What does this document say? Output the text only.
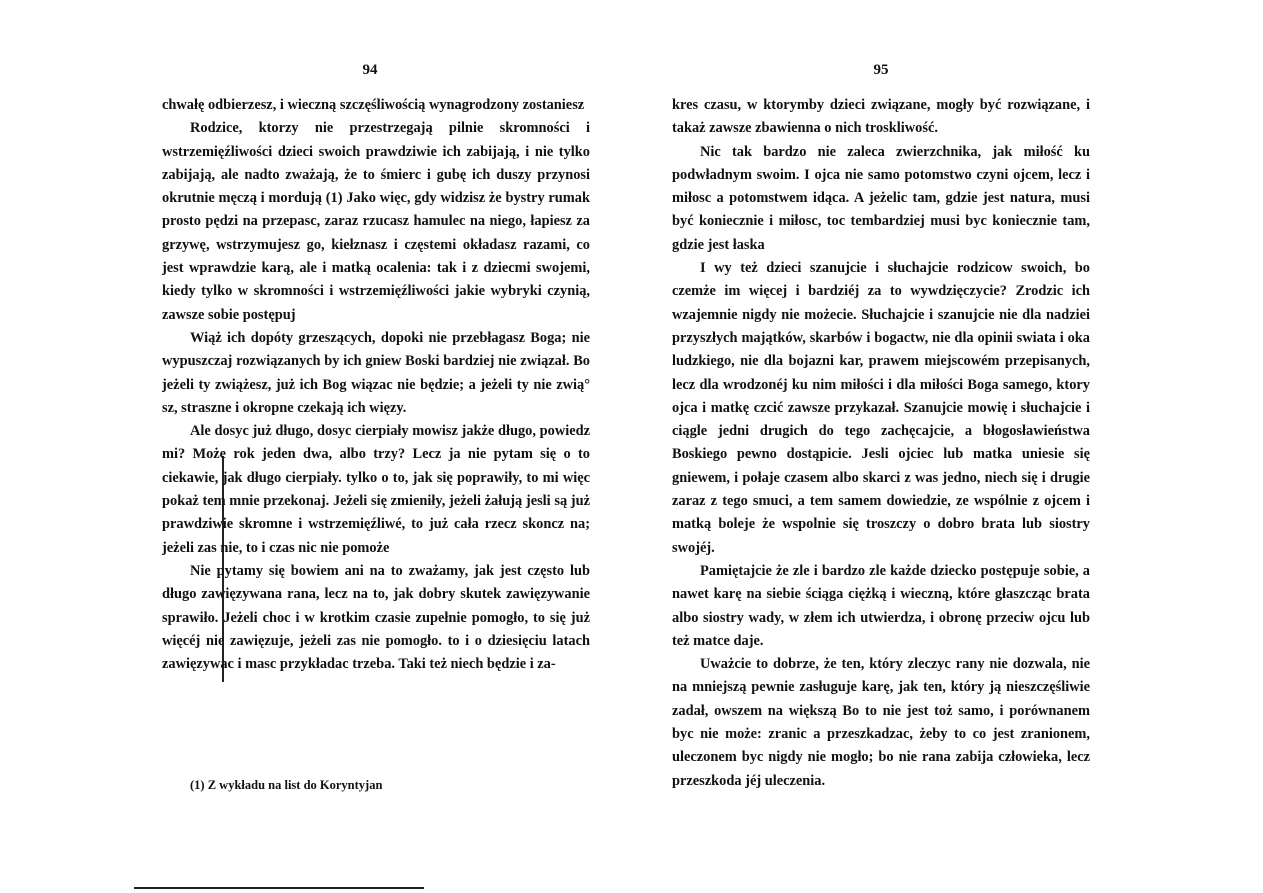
94

chwałę odbierzesz, i wieczną szczęśliwością wynagrodzony zostaniesz

Rodzice, ktorzy nie przestrzegają pilnie skromności i wstrzemięźliwości dzieci swoich prawdziwie ich zabijają, i nie tylko zabijają, ale nadto zważają, że to śmierc i gubę ich duszy przynosi okrutnie męczą i mordują (1) Jako więc, gdy widzisz że bystry rumak prosto pędzi na przepasc, zaraz rzucasz hamulec na niego, łapiesz za grzywę, wstrzymujesz go, kiełznasz i częstemi okładasz razami, co jest wprawdzie karą, ale i matką ocalenia: tak i z dziecmi swojemi, kiedy tylko w skromności i wstrzemięźliwości jakie wybryki czynią, zawsze sobie postępuj

Wiąż ich dopóty grzeszących, dopoki nie przebłagasz Boga; nie wypuszczaj rozwiązanych by ich gniew Boski bardziej nie związał. Bo jeżeli ty zwiążesz, już ich Bog wiązac nie będzie; a jeżeli ty nie zwią° sz, straszne i okropne czekają ich więzy.

Ale dosyc już długo, dosyc cierpiały mowisz jakże długo, powiedz mi? Może rok jeden dwa, albo trzy? Lecz ja nie pytam się o to ciekawie, jak długo cierpiały. tylko o to, jak się poprawiły, to mi więc pokaż tem mnie przekonaj. Jeżeli się zmieniły, jeżeli żałują jesli są już prawdziwie skromne i wstrzemięźliwé, to już cała rzecz skoncz na; jeżeli zas nie, to i czas nic nie pomoże

Nie pytamy się bowiem ani na to zważamy, jak jest często lub długo zawięzywana rana, lecz na to, jak dobry skutek zawięzywanie sprawiło. Jeżeli choc i w krotkim czasie zupełnie pomogło, to się już więcéj nie zawięzuje, jeżeli zas nie pomogło. to i o dziesięciu latach zawięzywac i masc przykładac trzeba. Taki też niech będzie i za-

(1) Z wykładu na list do Koryntyjan
95

kres czasu, w ktorymby dzieci związane, mogły być rozwiązane, i takaż zawsze zbawienna o nich troskliwość.

Nic tak bardzo nie zaleca zwierzchnika, jak miłość ku podwładnym swoim. I ojca nie samo potomstwo czyni ojcem, lecz i miłosc a potomstwem idąca. A jeżelic tam, gdzie jest natura, musi być koniecznie i miłosc, toc tembardziej musi byc koniecznie tam, gdzie jest łaska

I wy też dzieci szanujcie i słuchajcie rodzicow swoich, bo czemże im więcej i bardziéj za to wywdzięczycie? Zrodzic ich wzajemnie nigdy nie możecie. Słuchajcie i szanujcie nie dla nadziei przyszłych majątków, skarbów i bogactw, nie dla opinii swiata i oka ludzkiego, nie dla bojazni kar, prawem miejscowém przepisanych, lecz dla wrodzonéj ku nim miłości i dla miłości Boga samego, ktory ojca i matkę czcić zawsze przykazał. Szanujcie mowię i słuchajcie i ciągle jedni drugich do tego zachęcajcie, a błogosławieństwa Boskiego pewno dostąpicie. Jesli ojciec lub matka uniesie się gniewem, i połaje czasem albo skarci z was jedno, niech się i drugie zaraz z tego smuci, a tem samem dowiedzie, ze wspólnie z ojcem i matką boleje że wspolnie się troszczy o dobro brata lub siostry swojéj.

Pamiętajcie że zle i bardzo zle każde dziecko postępuje sobie, a nawet karę na siebie ściąga ciężką i wieczną, które głaszcząc brata albo siostry wady, w złem ich utwierdza, i obronę przeciw ojcu lub też matce daje.

Uważcie to dobrze, że ten, który zleczyc rany nie dozwala, nie na mniejszą pewnie zasługuje karę, jak ten, który ją nieszczęśliwie zadał, owszem na większą Bo to nie jest toż samo, i porównanem byc nie może: zranic a przeszkadzac, żeby to co jest zranionem, uleczonem byc nigdy nie mogło; bo nie rana zabija człowieka, lecz przeszkoda jéj uleczenia.
